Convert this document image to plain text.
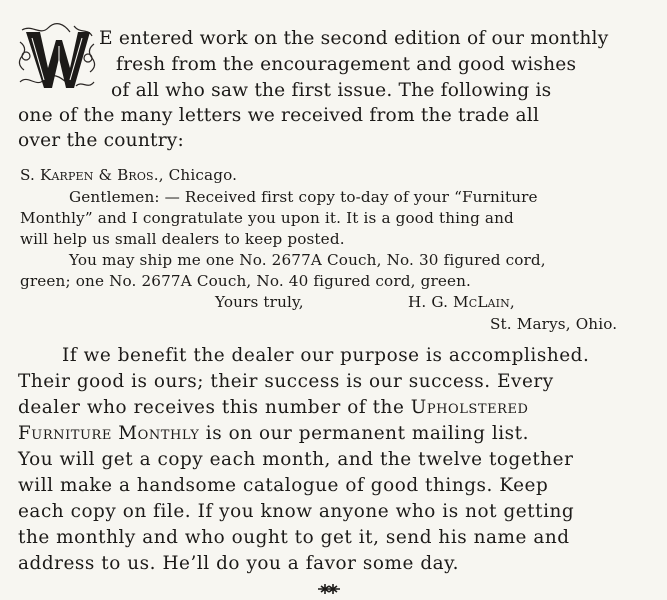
E entered work on the second edition of our monthly
fresh from the encouragement and good wishes
of all who saw the first issue. The following is
one of the many letters we received from the trade all
over the country:
S. Karpen & Bros., Chicago.
Gentlemen: — Received first copy to-day of your “Furniture
Monthly” and I congratulate you upon it. It is a good thing and
will help us small dealers to keep posted.
You may ship me one No. 2677A Couch, No. 30 figured cord,
green; one No. 2677A Couch, No. 40 figured cord, green.
Yours truly,	H. G. McLain,
St. Marys, Ohio.
If we benefit the dealer our purpose is accomplished.
Their good is ours; their success is our success. Every
dealer who receives this number of the Upholstered
Furniture Monthly is on our permanent mailing list.
You will get a copy each month, and the twelve together
will make a handsome catalogue of good things. Keep
each copy on file. If you know anyone who is not getting
the monthly and who ought to get it, send his name and
address to us. He’ll do you a favor some day.
